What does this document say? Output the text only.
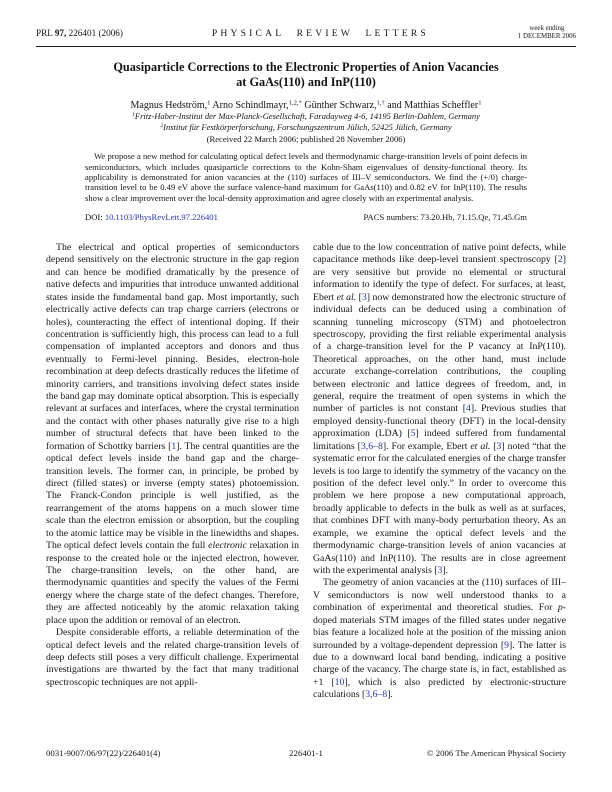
PRL 97, 226401 (2006)	PHYSICAL REVIEW LETTERS	week ending
1 DECEMBER 2006
Quasiparticle Corrections to the Electronic Properties of Anion Vacancies
at GaAs(110) and InP(110)
Magnus Hedström,$^1$ Arno Schindlmayr,$^{1,2,*}$ Günther Schwarz,$^{1,\dagger}$ and Matthias Scheffler$^1$
$^1$Fritz-Haber-Institut der Max-Planck-Gesellschaft, Faradayweg 4-6, 14195 Berlin-Dahlem, Germany
$^2$Institut für Festkörperforschung, Forschungszentrum Jülich, 52425 Jülich, Germany
(Received 22 March 2006; published 28 November 2006)
We propose a new method for calculating optical defect levels and thermodynamic charge-transition levels of point defects in semiconductors, which includes quasiparticle corrections to the Kohn-Sham eigenvalues of density-functional theory. Its applicability is demonstrated for anion vacancies at the (110) surfaces of III–V semiconductors. We find the (+/0) charge-transition level to be 0.49 eV above the surface valence-band maximum for GaAs(110) and 0.82 eV for InP(110). The results show a clear improvement over the local-density approximation and agree closely with an experimental analysis.
DOI: 10.1103/PhysRevLett.97.226401	PACS numbers: 73.20.Hb, 71.15.Qe, 71.45.Gm

The electrical and optical properties of semiconductors depend sensitively on the electronic structure in the gap region and can hence be modified dramatically by the presence of native defects and impurities that introduce unwanted additional states inside the fundamental band gap. Most importantly, such electrically active defects can trap charge carriers (electrons or holes), counteracting the effect of intentional doping. If their concentration is sufficiently high, this process can lead to a full compensation of implanted acceptors and donors and thus eventually to Fermi-level pinning. Besides, electron-hole recombination at deep defects drastically reduces the lifetime of minority carriers, and transitions involving defect states inside the band gap may dominate optical absorption. This is especially relevant at surfaces and interfaces, where the crystal termination and the contact with other phases naturally give rise to a high number of structural defects that have been linked to the formation of Schottky barriers [1]. The central quantities are the optical defect levels inside the band gap and the charge-transition levels. The former can, in principle, be probed by direct (filled states) or inverse (empty states) photoemission. The Franck-Condon principle is well justified, as the rearrangement of the atoms happens on a much slower time scale than the electron emission or absorption, but the coupling to the atomic lattice may be visible in the linewidths and shapes. The optical defect levels contain the full electronic relaxation in response to the created hole or the injected electron, however. The charge-transition levels, on the other hand, are thermodynamic quantities and specify the values of the Fermi energy where the charge state of the defect changes. Therefore, they are affected noticeably by the atomic relaxation taking place upon the addition or removal of an electron.

Despite considerable efforts, a reliable determination of the optical defect levels and the related charge-transition levels of deep defects still poses a very difficult challenge. Experimental investigations are thwarted by the fact that many traditional spectroscopic techniques are not appli-

cable due to the low concentration of native point defects, while capacitance methods like deep-level transient spectroscopy [2] are very sensitive but provide no elemental or structural information to identify the type of defect. For surfaces, at least, Ebert et al. [3] now demonstrated how the electronic structure of individual defects can be deduced using a combination of scanning tunneling microscopy (STM) and photoelectron spectroscopy, providing the first reliable experimental analysis of a charge-transition level for the P vacancy at InP(110). Theoretical approaches, on the other hand, must include accurate exchange-correlation contributions, the coupling between electronic and lattice degrees of freedom, and, in general, require the treatment of open systems in which the number of particles is not constant [4]. Previous studies that employed density-functional theory (DFT) in the local-density approximation (LDA) [5] indeed suffered from fundamental limitations [3,6–8]. For example, Ebert et al. [3] noted “that the systematic error for the calculated energies of the charge transfer levels is too large to identify the symmetry of the vacancy on the position of the defect level only.” In order to overcome this problem we here propose a new computational approach, broadly applicable to defects in the bulk as well as at surfaces, that combines DFT with many-body perturbation theory. As an example, we examine the optical defect levels and the thermodynamic charge-transition levels of anion vacancies at GaAs(110) and InP(110). The results are in close agreement with the experimental analysis [3].

The geometry of anion vacancies at the (110) surfaces of III–V semiconductors is now well understood thanks to a combination of experimental and theoretical studies. For p-doped materials STM images of the filled states under negative bias feature a localized hole at the position of the missing anion surrounded by a voltage-dependent depression [9]. The latter is due to a downward local band bending, indicating a positive charge of the vacancy. The charge state is, in fact, established as +1 [10], which is also predicted by electronic-structure calculations [3,6–8].

0031-9007/06/97(22)/226401(4)	226401-1	© 2006 The American Physical Society
